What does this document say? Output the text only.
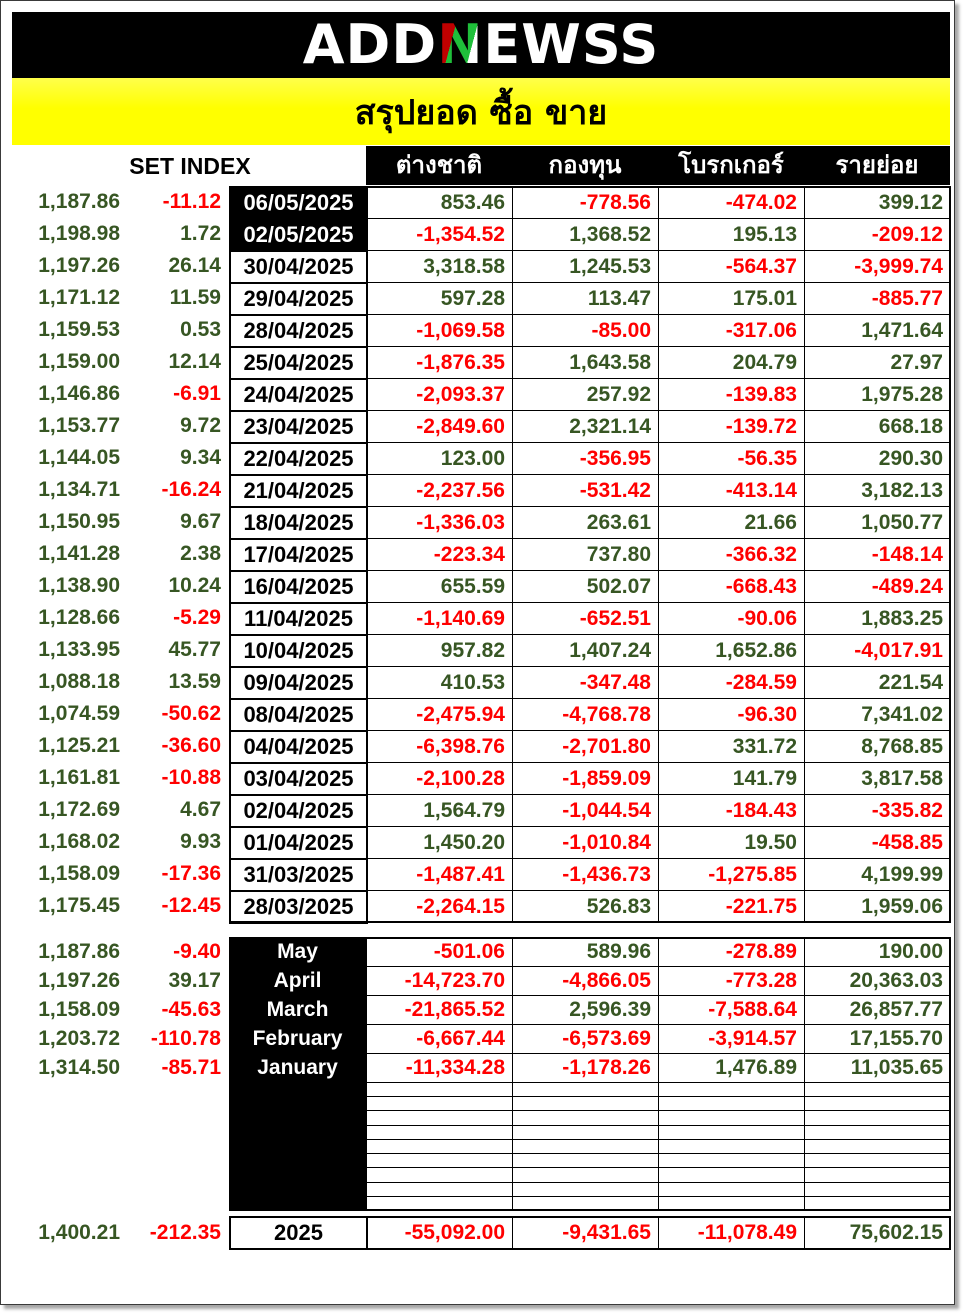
ADD N EWSS
สรุปยอด ซื้อ ขาย
SET INDEX	ต่างชาติ	กองทุน	โบรกเกอร์	รายย่อย
1,187.86	-11.12	06/05/2025	853.46	-778.56	-474.02	399.12
1,198.98	1.72	02/05/2025	-1,354.52	1,368.52	195.13	-209.12
1,197.26	26.14	30/04/2025	3,318.58	1,245.53	-564.37	-3,999.74
1,171.12	11.59	29/04/2025	597.28	113.47	175.01	-885.77
1,159.53	0.53	28/04/2025	-1,069.58	-85.00	-317.06	1,471.64
1,159.00	12.14	25/04/2025	-1,876.35	1,643.58	204.79	27.97
1,146.86	-6.91	24/04/2025	-2,093.37	257.92	-139.83	1,975.28
1,153.77	9.72	23/04/2025	-2,849.60	2,321.14	-139.72	668.18
1,144.05	9.34	22/04/2025	123.00	-356.95	-56.35	290.30
1,134.71	-16.24	21/04/2025	-2,237.56	-531.42	-413.14	3,182.13
1,150.95	9.67	18/04/2025	-1,336.03	263.61	21.66	1,050.77
1,141.28	2.38	17/04/2025	-223.34	737.80	-366.32	-148.14
1,138.90	10.24	16/04/2025	655.59	502.07	-668.43	-489.24
1,128.66	-5.29	11/04/2025	-1,140.69	-652.51	-90.06	1,883.25
1,133.95	45.77	10/04/2025	957.82	1,407.24	1,652.86	-4,017.91
1,088.18	13.59	09/04/2025	410.53	-347.48	-284.59	221.54
1,074.59	-50.62	08/04/2025	-2,475.94	-4,768.78	-96.30	7,341.02
1,125.21	-36.60	04/04/2025	-6,398.76	-2,701.80	331.72	8,768.85
1,161.81	-10.88	03/04/2025	-2,100.28	-1,859.09	141.79	3,817.58
1,172.69	4.67	02/04/2025	1,564.79	-1,044.54	-184.43	-335.82
1,168.02	9.93	01/04/2025	1,450.20	-1,010.84	19.50	-458.85
1,158.09	-17.36	31/03/2025	-1,487.41	-1,436.73	-1,275.85	4,199.99
1,175.45	-12.45	28/03/2025	-2,264.15	526.83	-221.75	1,959.06
1,187.86	-9.40	May	-501.06	589.96	-278.89	190.00
1,197.26	39.17	April	-14,723.70	-4,866.05	-773.28	20,363.03
1,158.09	-45.63	March	-21,865.52	2,596.39	-7,588.64	26,857.77
1,203.72	-110.78	February	-6,667.44	-6,573.69	-3,914.57	17,155.70
1,314.50	-85.71	January	-11,334.28	-1,178.26	1,476.89	11,035.65
1,400.21	-212.35	2025	-55,092.00	-9,431.65	-11,078.49	75,602.15
